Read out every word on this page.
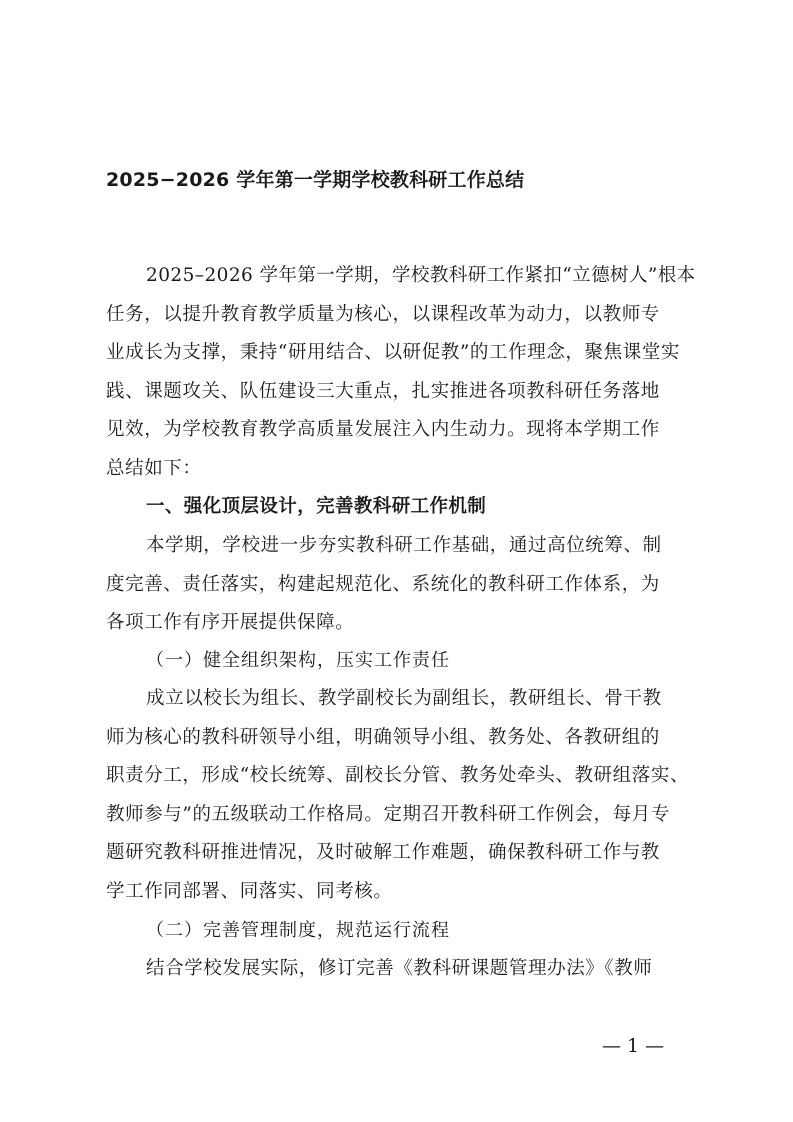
2025−2026 学年第一学期学校教科研工作总结
2025–2026 学年第一学期，学校教科研工作紧扣“立德树人”根本
任务，以提升教育教学质量为核心，以课程改革为动力，以教师专
业成长为支撑，秉持“研用结合、以研促教”的工作理念，聚焦课堂实
践、课题攻关、队伍建设三大重点，扎实推进各项教科研任务落地
见效，为学校教育教学高质量发展注入内生动力。现将本学期工作
总结如下：
一、强化顶层设计，完善教科研工作机制
本学期，学校进一步夯实教科研工作基础，通过高位统筹、制
度完善、责任落实，构建起规范化、系统化的教科研工作体系，为
各项工作有序开展提供保障。
（一）健全组织架构，压实工作责任
成立以校长为组长、教学副校长为副组长，教研组长、骨干教
师为核心的教科研领导小组，明确领导小组、教务处、各教研组的
职责分工，形成“校长统筹、副校长分管、教务处牵头、教研组落实、
教师参与”的五级联动工作格局。定期召开教科研工作例会，每月专
题研究教科研推进情况，及时破解工作难题，确保教科研工作与教
学工作同部署、同落实、同考核。
（二）完善管理制度，规范运行流程
结合学校发展实际，修订完善《教科研课题管理办法》《教师
— 1 —
